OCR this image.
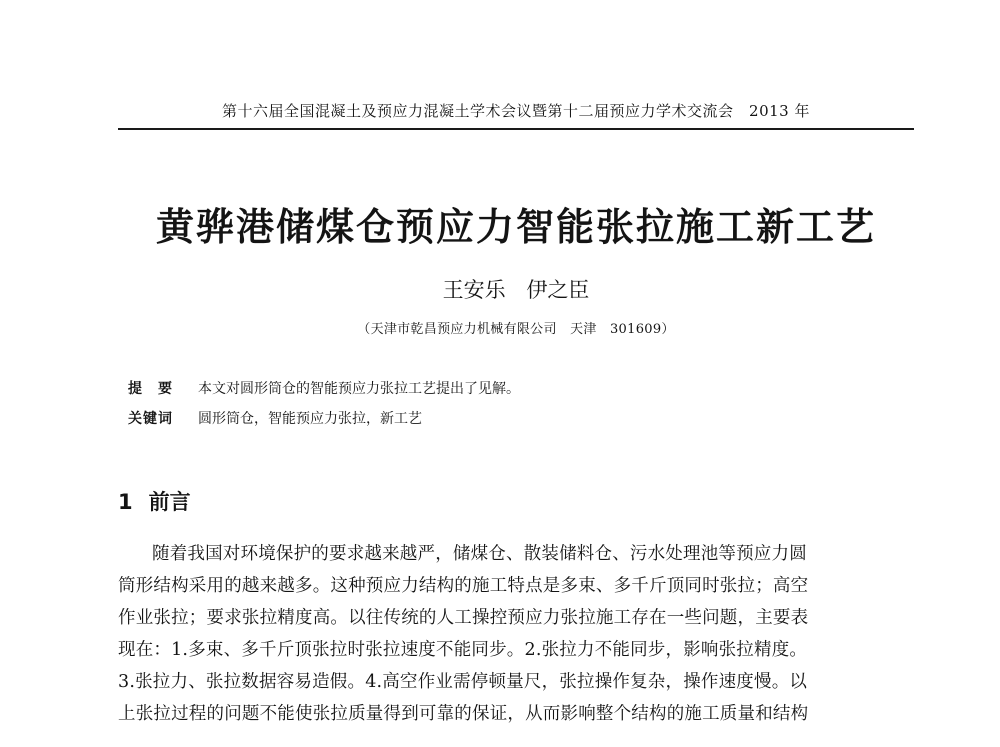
第十六届全国混凝土及预应力混凝土学术会议暨第十二届预应力学术交流会　2013 年
黄骅港储煤仓预应力智能张拉施工新工艺
王安乐 伊之臣
（天津市乾昌预应力机械有限公司　天津　301609）
提　要	本文对圆形筒仓的智能预应力张拉工艺提出了见解。
关键词	圆形筒仓，智能预应力张拉，新工艺
1 前言
随着我国对环境保护的要求越来越严，储煤仓、散装储料仓、污水处理池等预应力圆
筒形结构采用的越来越多。这种预应力结构的施工特点是多束、多千斤顶同时张拉；高空
作业张拉；要求张拉精度高。以往传统的人工操控预应力张拉施工存在一些问题，主要表
现在：1.多束、多千斤顶张拉时张拉速度不能同步。2.张拉力不能同步，影响张拉精度。
3.张拉力、张拉数据容易造假。4.高空作业需停顿量尺，张拉操作复杂，操作速度慢。以
上张拉过程的问题不能使张拉质量得到可靠的保证，从而影响整个结构的施工质量和结构
